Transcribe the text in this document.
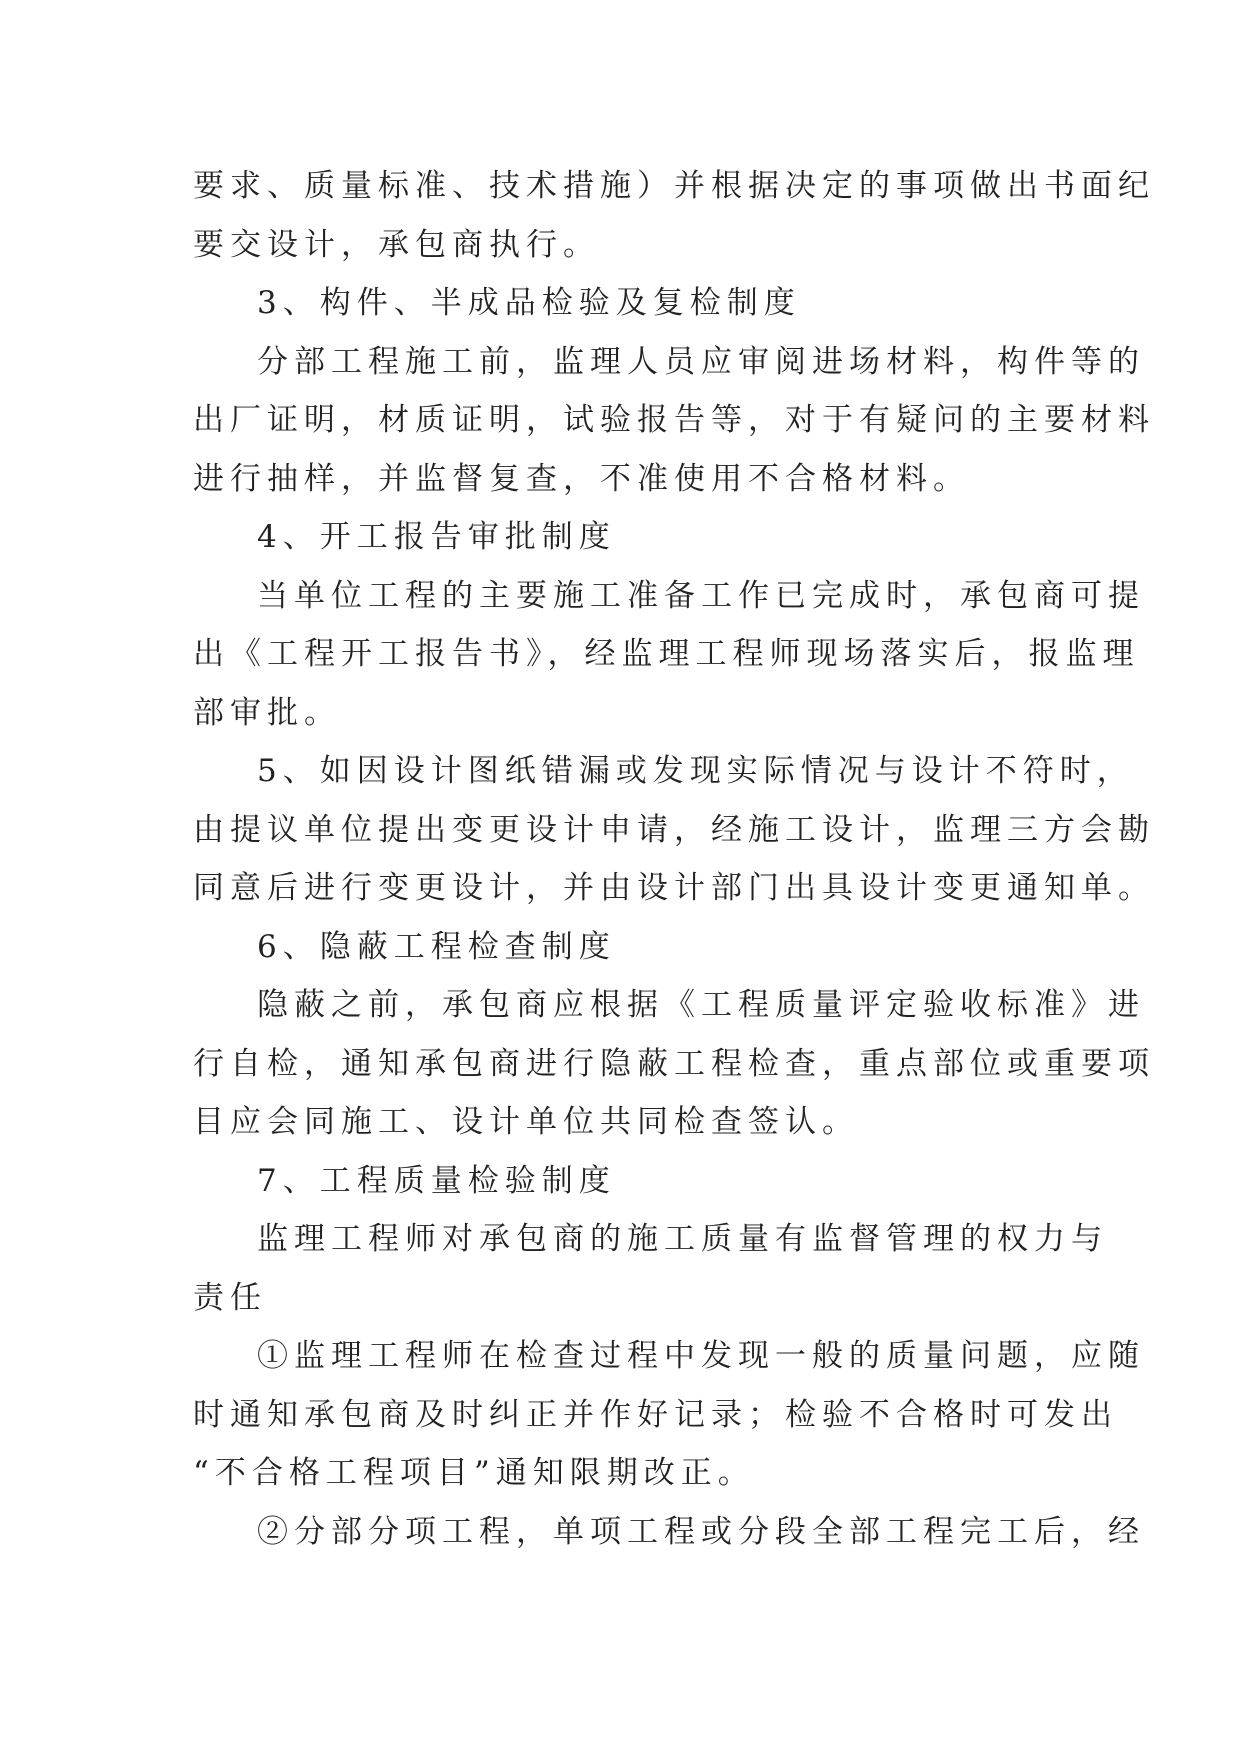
要求、质量标准、技术措施）并根据决定的事项做出书面纪
要交设计，承包商执行。
3、构件、半成品检验及复检制度
分部工程施工前，监理人员应审阅进场材料，构件等的
出厂证明，材质证明，试验报告等，对于有疑问的主要材料
进行抽样，并监督复查，不准使用不合格材料。
4、开工报告审批制度
当单位工程的主要施工准备工作已完成时，承包商可提
出《工程开工报告书》，经监理工程师现场落实后，报监理
部审批。
5、如因设计图纸错漏或发现实际情况与设计不符时，
由提议单位提出变更设计申请，经施工设计，监理三方会勘
同意后进行变更设计，并由设计部门出具设计变更通知单。
6、隐蔽工程检查制度
隐蔽之前，承包商应根据《工程质量评定验收标准》进
行自检，通知承包商进行隐蔽工程检查，重点部位或重要项
目应会同施工、设计单位共同检查签认。
7、工程质量检验制度
监理工程师对承包商的施工质量有监督管理的权力与
责任
①监理工程师在检查过程中发现一般的质量问题，应随
时通知承包商及时纠正并作好记录；检验不合格时可发出
“不合格工程项目”通知限期改正。
②分部分项工程，单项工程或分段全部工程完工后，经
